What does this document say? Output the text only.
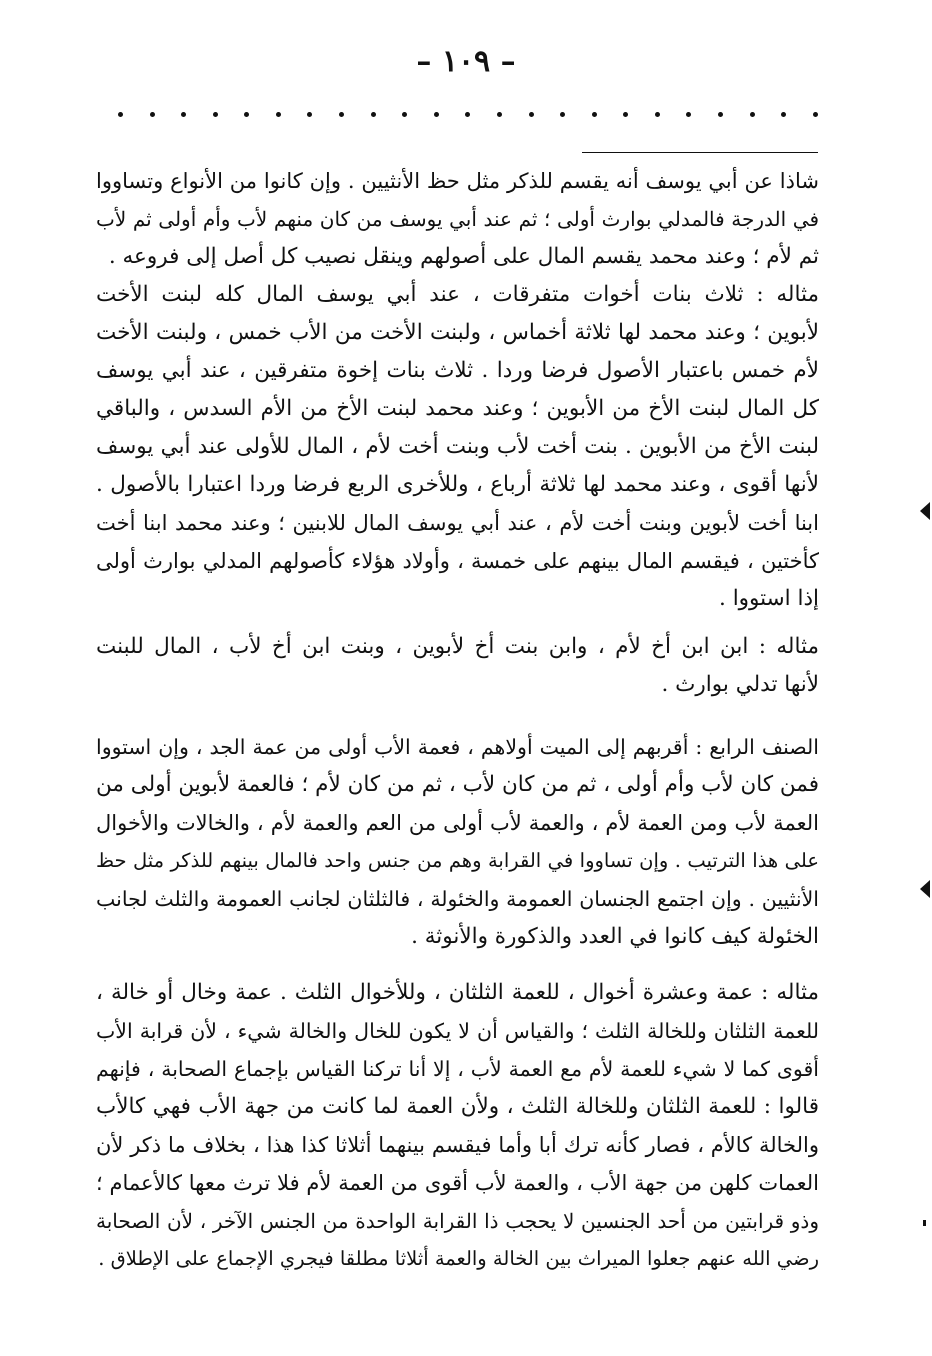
– ١٠٩ –
شاذا عن أبي يوسف أنه يقسم للذكر مثل حظ الأنثيين . وإن كانوا من الأنواع وتساووا
في الدرجة فالمدلي بوارث أولى ؛ ثم عند أبي يوسف من كان منهم لأب وأم أولى ثم لأب
ثم لأم ؛ وعند محمد يقسم المال على أصولهم وينقل نصيب كل أصل إلى فروعه .
مثاله : ثلاث بنات أخوات متفرقات ، عند أبي يوسف المال كله لبنت الأخت
لأبوين ؛ وعند محمد لها ثلاثة أخماس ، ولبنت الأخت من الأب خمس ، ولبنت الأخت
لأم خمس باعتبار الأصول فرضا وردا . ثلاث بنات إخوة متفرقين ، عند أبي يوسف
كل المال لبنت الأخ من الأبوين ؛ وعند محمد لبنت الأخ من الأم السدس ، والباقي
لبنت الأخ من الأبوين . بنت أخت لأب وبنت أخت لأم ، المال للأولى عند أبي يوسف
لأنها أقوى ، وعند محمد لها ثلاثة أرباع ، وللأخرى الربع فرضا وردا اعتبارا بالأصول .
ابنا أخت لأبوين وبنت أخت لأم ، عند أبي يوسف المال للابنين ؛ وعند محمد ابنا أخت
كأختين ، فيقسم المال بينهم على خمسة ، وأولاد هؤلاء كأصولهم المدلي بوارث أولى
إذا استووا .
مثاله : ابن ابن أخ لأم ، وابن بنت أخ لأبوين ، وبنت ابن أخ لأب ، المال للبنت
لأنها تدلي بوارث .
الصنف الرابع : أقربهم إلى الميت أولاهم ، فعمة الأب أولى من عمة الجد ، وإن استووا
فمن كان لأب وأم أولى ، ثم من كان لأب ، ثم من كان لأم ؛ فالعمة لأبوين أولى من
العمة لأب ومن العمة لأم ، والعمة لأب أولى من العم والعمة لأم ، والخالات والأخوال
على هذا الترتيب . وإن تساووا في القرابة وهم من جنس واحد فالمال بينهم للذكر مثل حظ
الأنثيين . وإن اجتمع الجنسان العمومة والخئولة ، فالثلثان لجانب العمومة والثلث لجانب
الخئولة كيف كانوا في العدد والذكورة والأنوثة .
مثاله : عمة وعشرة أخوال ، للعمة الثلثان ، وللأخوال الثلث . عمة وخال أو خالة ،
للعمة الثلثان وللخالة الثلث ؛ والقياس أن لا يكون للخال والخالة شيء ، لأن قرابة الأب
أقوى كما لا شيء للعمة لأم مع العمة لأب ، إلا أنا تركنا القياس بإجماع الصحابة ، فإنهم
قالوا : للعمة الثلثان وللخالة الثلث ، ولأن العمة لما كانت من جهة الأب فهي كالأب
والخالة كالأم ، فصار كأنه ترك أبا وأما فيقسم بينهما أثلاثا كذا هذا ، بخلاف ما ذكر لأن
العمات كلهن من جهة الأب ، والعمة لأب أقوى من العمة لأم فلا ترث معها كالأعمام ؛
وذو قرابتين من أحد الجنسين لا يحجب ذا القرابة الواحدة من الجنس الآخر ، لأن الصحابة
رضي الله عنهم جعلوا الميراث بين الخالة والعمة أثلاثا مطلقا فيجري الإجماع على الإطلاق .
